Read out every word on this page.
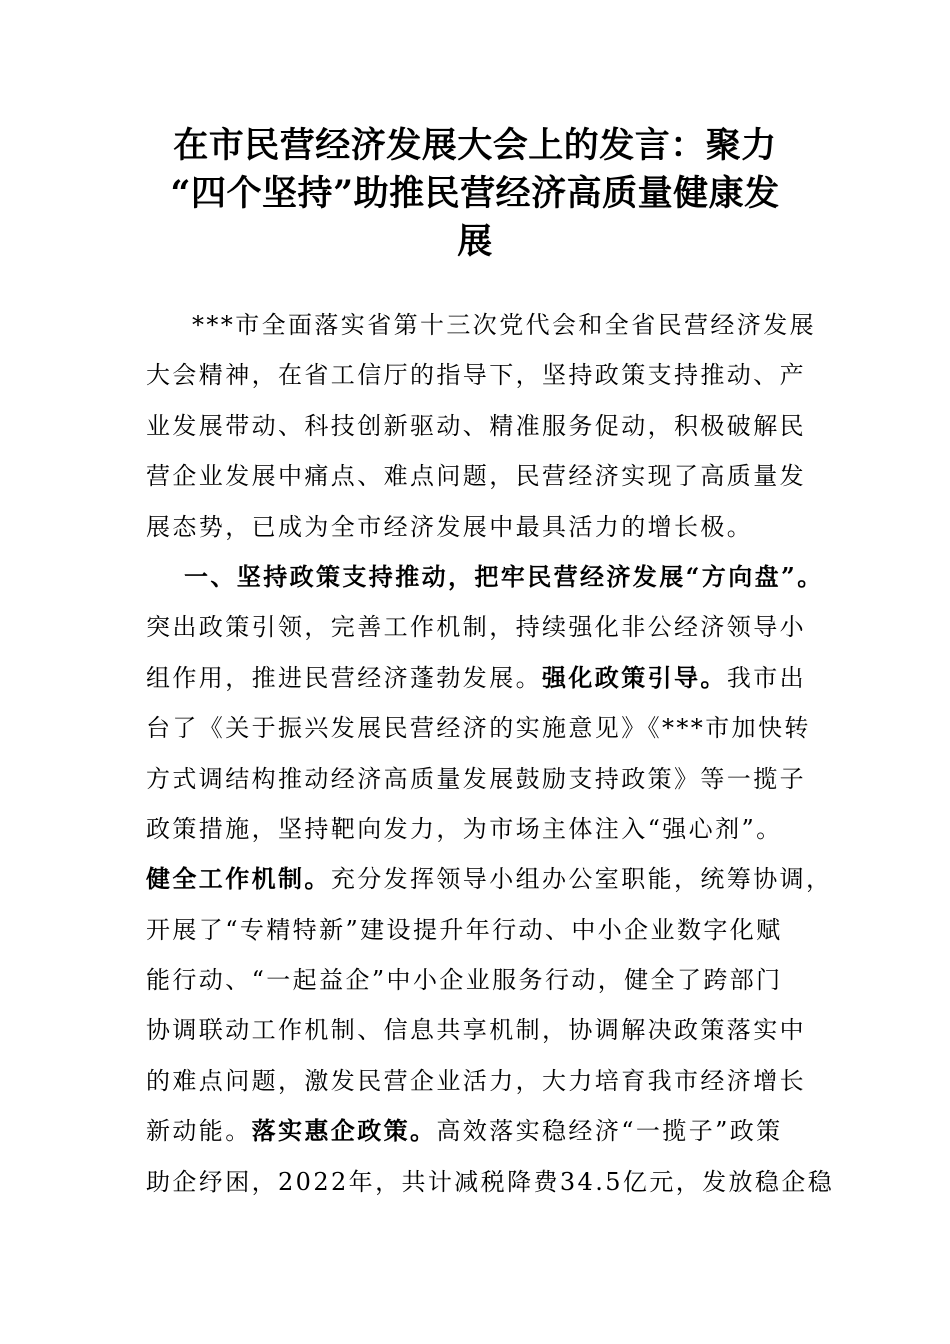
在市民营经济发展大会上的发言：聚力
“四个坚持”助推民营经济高质量健康发
展
***市全面落实省第十三次党代会和全省民营经济发展
大会精神，在省工信厅的指导下，坚持政策支持推动、产
业发展带动、科技创新驱动、精准服务促动，积极破解民
营企业发展中痛点、难点问题，民营经济实现了高质量发
展态势，已成为全市经济发展中最具活力的增长极。
一、坚持政策支持推动，把牢民营经济发展“方向盘”。
突出政策引领，完善工作机制，持续强化非公经济领导小
组作用，推进民营经济蓬勃发展。强化政策引导。我市出
台了《关于振兴发展民营经济的实施意见》《***市加快转
方式调结构推动经济高质量发展鼓励支持政策》等一揽子
政策措施，坚持靶向发力，为市场主体注入“强心剂”。
健全工作机制。充分发挥领导小组办公室职能，统筹协调，
开展了“专精特新”建设提升年行动、中小企业数字化赋
能行动、“一起益企”中小企业服务行动，健全了跨部门
协调联动工作机制、信息共享机制，协调解决政策落实中
的难点问题，激发民营企业活力，大力培育我市经济增长
新动能。落实惠企政策。高效落实稳经济“一揽子”政策
助企纾困，2022年，共计减税降费34.5亿元，发放稳企稳
